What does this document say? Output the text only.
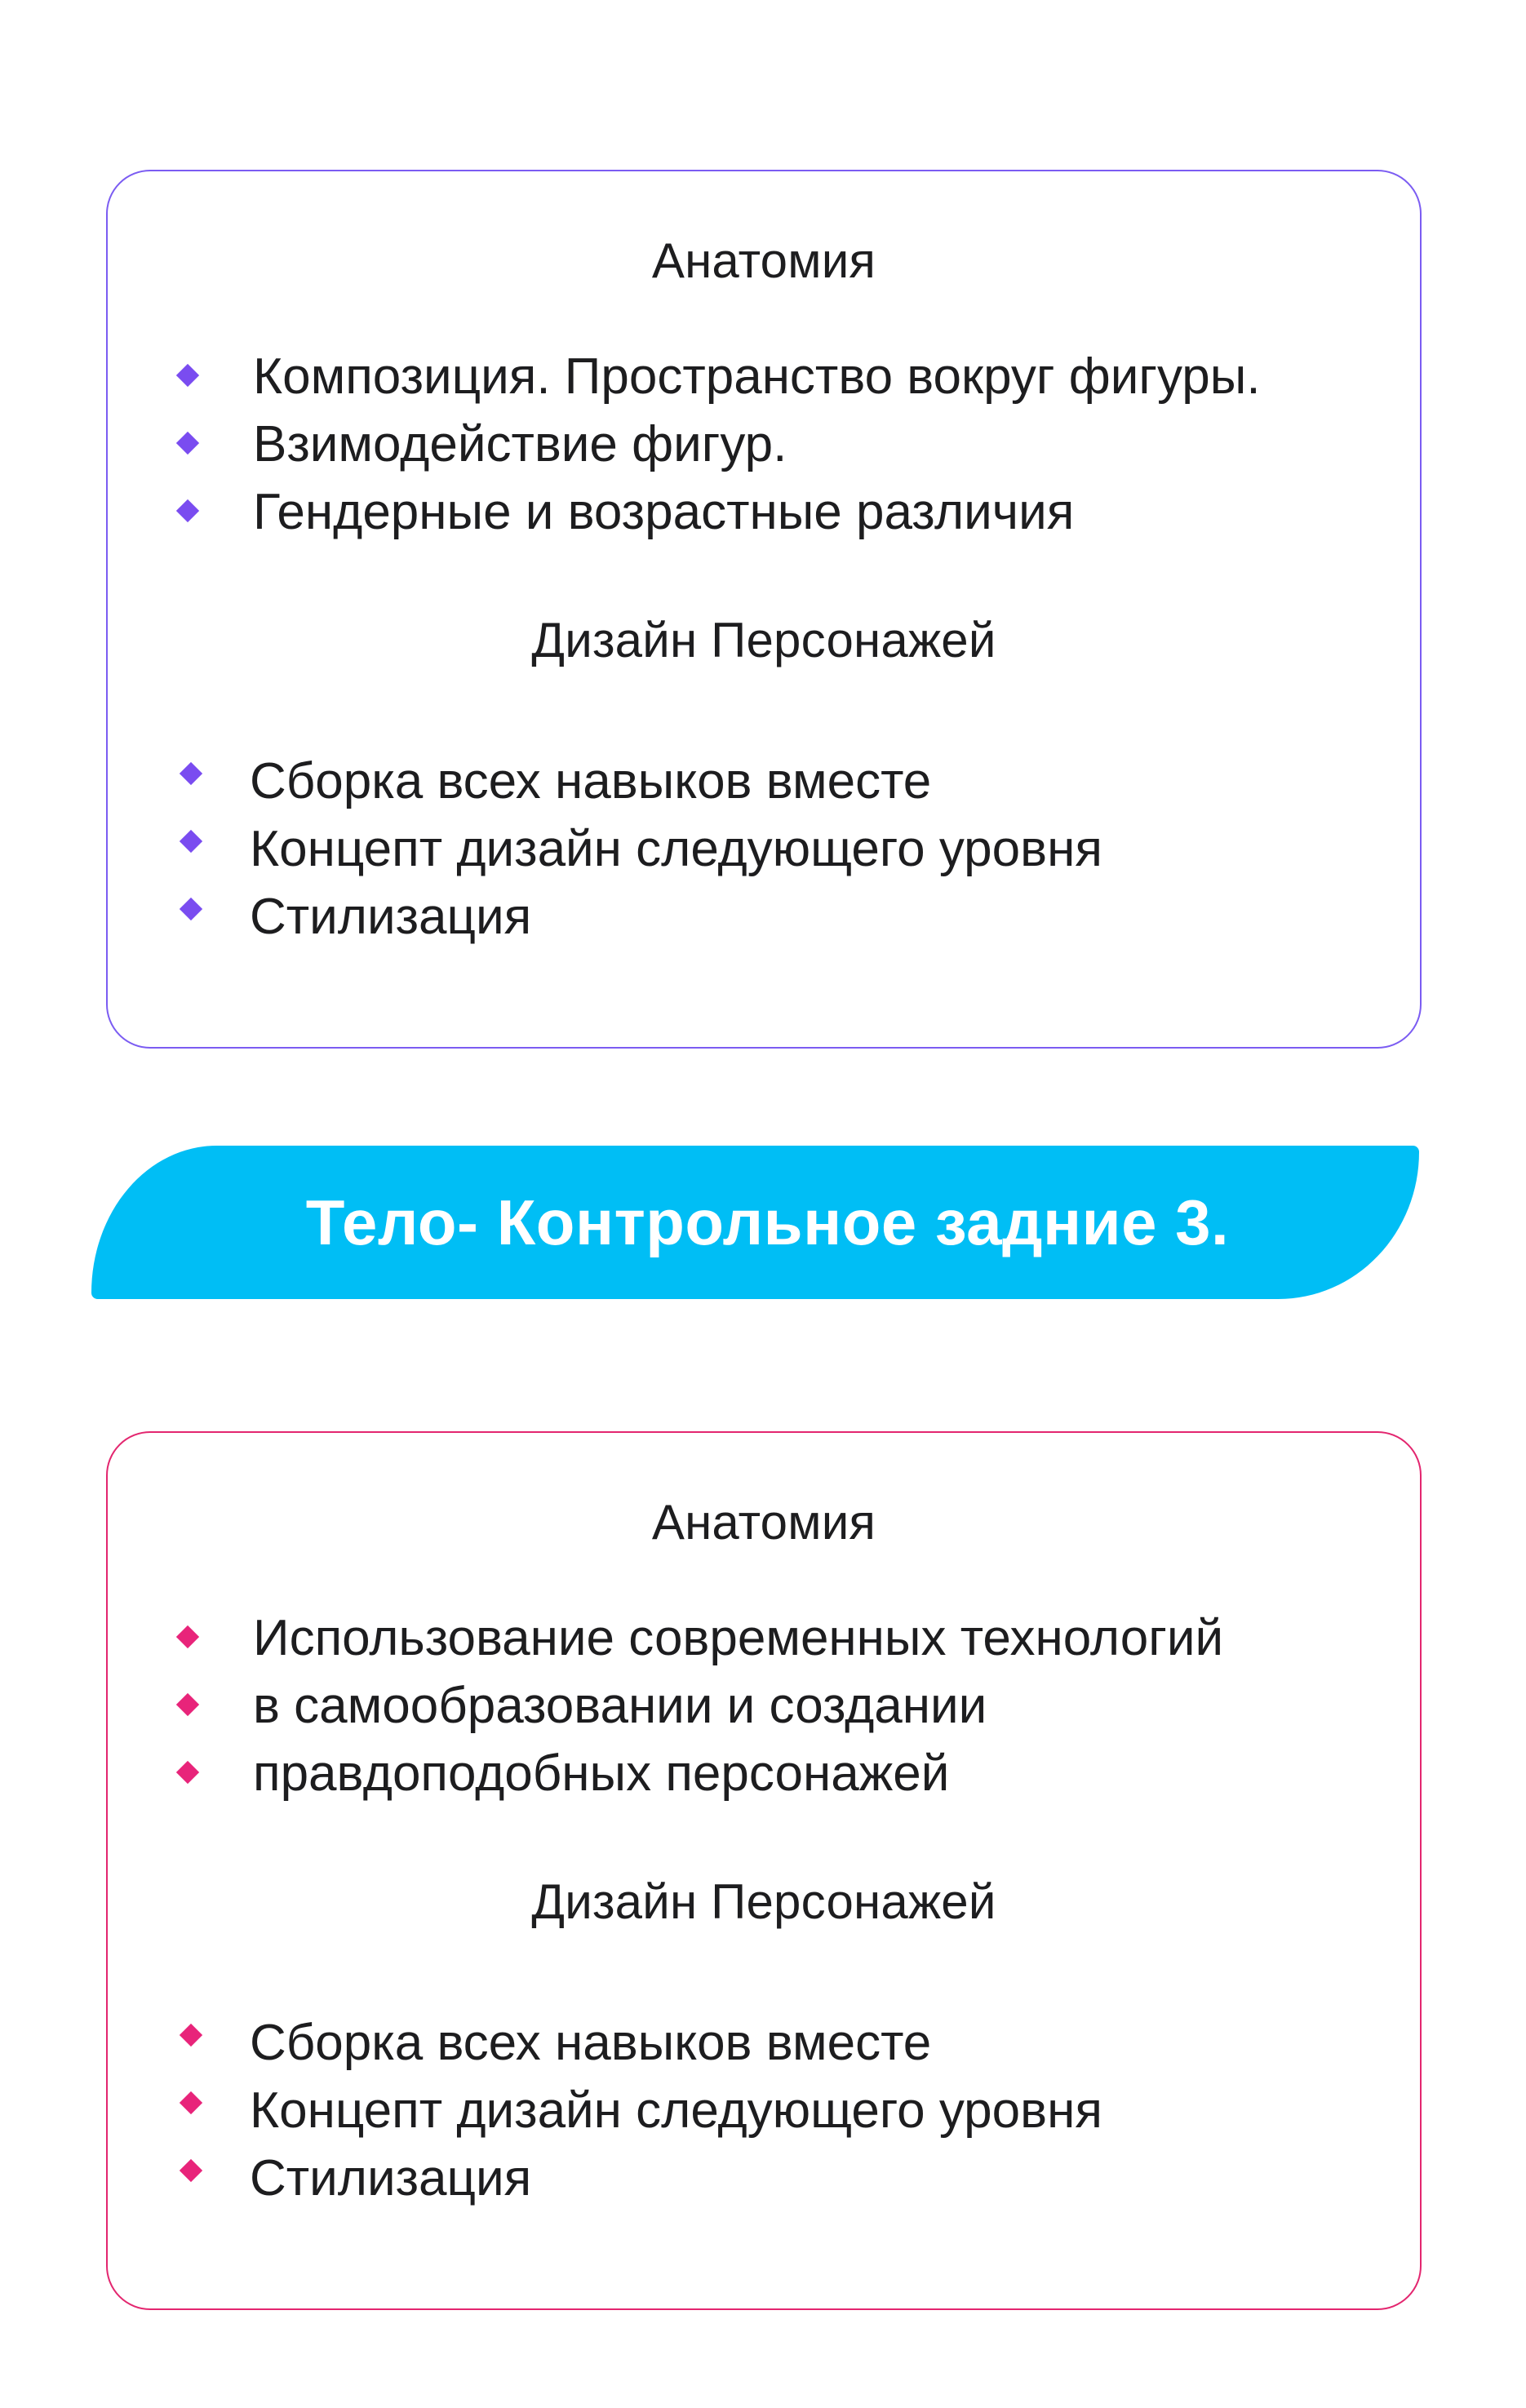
Анатомия
Композиция. Пространство вокруг фигуры.
Взимодействие фигур.
Гендерные и возрастные различия
Дизайн Персонажей
Сборка всех навыков вместе
Концепт дизайн следующего уровня
Стилизация
Тело- Контрольное задние 3.
Анатомия
Использование современных технологий
в самообразовании и создании
правдоподобных персонажей
Дизайн Персонажей
Сборка всех навыков вместе
Концепт дизайн следующего уровня
Стилизация
